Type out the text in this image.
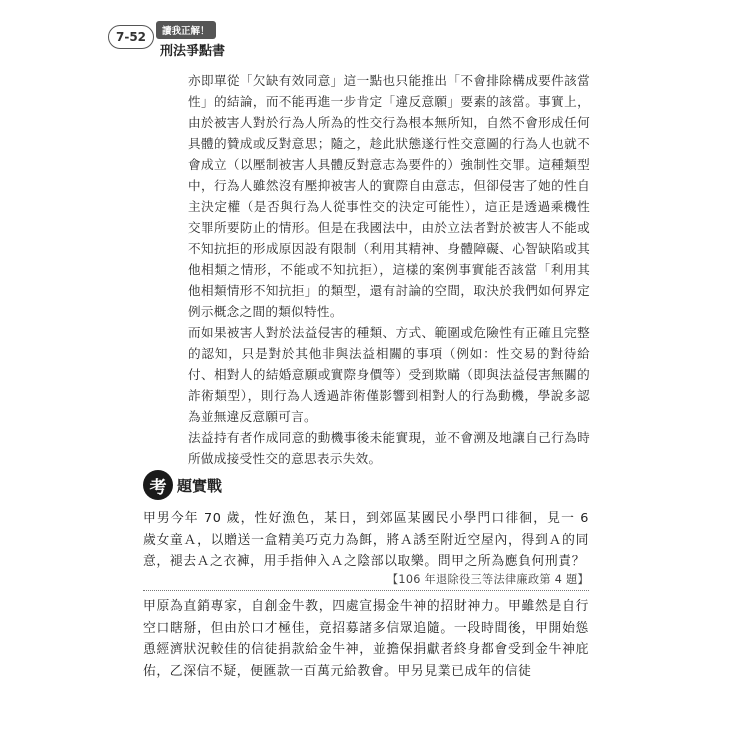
7-52	讀我正解！
刑法爭點書

亦即單從「欠缺有效同意」這一點也只能推出「不會排除構成要件該當性」的結論，而不能再進一步肯定「違反意願」要素的該當。事實上，由於被害人對於行為人所為的性交行為根本無所知，自然不會形成任何具體的贊成或反對意思；隨之，趁此狀態遂行性交意圖的行為人也就不會成立（以壓制被害人具體反對意志為要件的）強制性交罪。這種類型中，行為人雖然沒有壓抑被害人的實際自由意志，但卻侵害了她的性自主決定權（是否與行為人從事性交的決定可能性），這正是透過乘機性交罪所要防止的情形。但是在我國法中，由於立法者對於被害人不能或不知抗拒的形成原因設有限制（利用其精神、身體障礙、心智缺陷或其他相類之情形，不能或不知抗拒），這樣的案例事實能否該當「利用其他相類情形不知抗拒」的類型，還有討論的空間，取決於我們如何界定例示概念之間的類似特性。

而如果被害人對於法益侵害的種類、方式、範圍或危險性有正確且完整的認知，只是對於其他非與法益相關的事項（例如：性交易的對待給付、相對人的結婚意願或實際身價等）受到欺瞞（即與法益侵害無關的詐術類型），則行為人透過詐術僅影響到相對人的行為動機，學說多認為並無違反意願可言。

法益持有者作成同意的動機事後未能實現，並不會溯及地讓自己行為時所做成接受性交的意思表示失效。

考 題實戰

甲男今年 70 歲，性好漁色，某日，到郊區某國民小學門口徘徊，見一 6 歲女童Ａ，以贈送一盒精美巧克力為餌，將Ａ誘至附近空屋內，得到Ａ的同意，褪去Ａ之衣褲，用手指伸入Ａ之陰部以取樂。問甲之所為應負何刑責？

【106 年退除役三等法律廉政第 4 題】

甲原為直銷專家，自創金牛教，四處宣揚金牛神的招財神力。甲雖然是自行空口瞎掰，但由於口才極佳，竟招募諸多信眾追隨。一段時間後，甲開始慫恿經濟狀況較佳的信徒捐款給金牛神，並擔保捐獻者終身都會受到金牛神庇佑，乙深信不疑，便匯款一百萬元給教會。甲另見業已成年的信徒
